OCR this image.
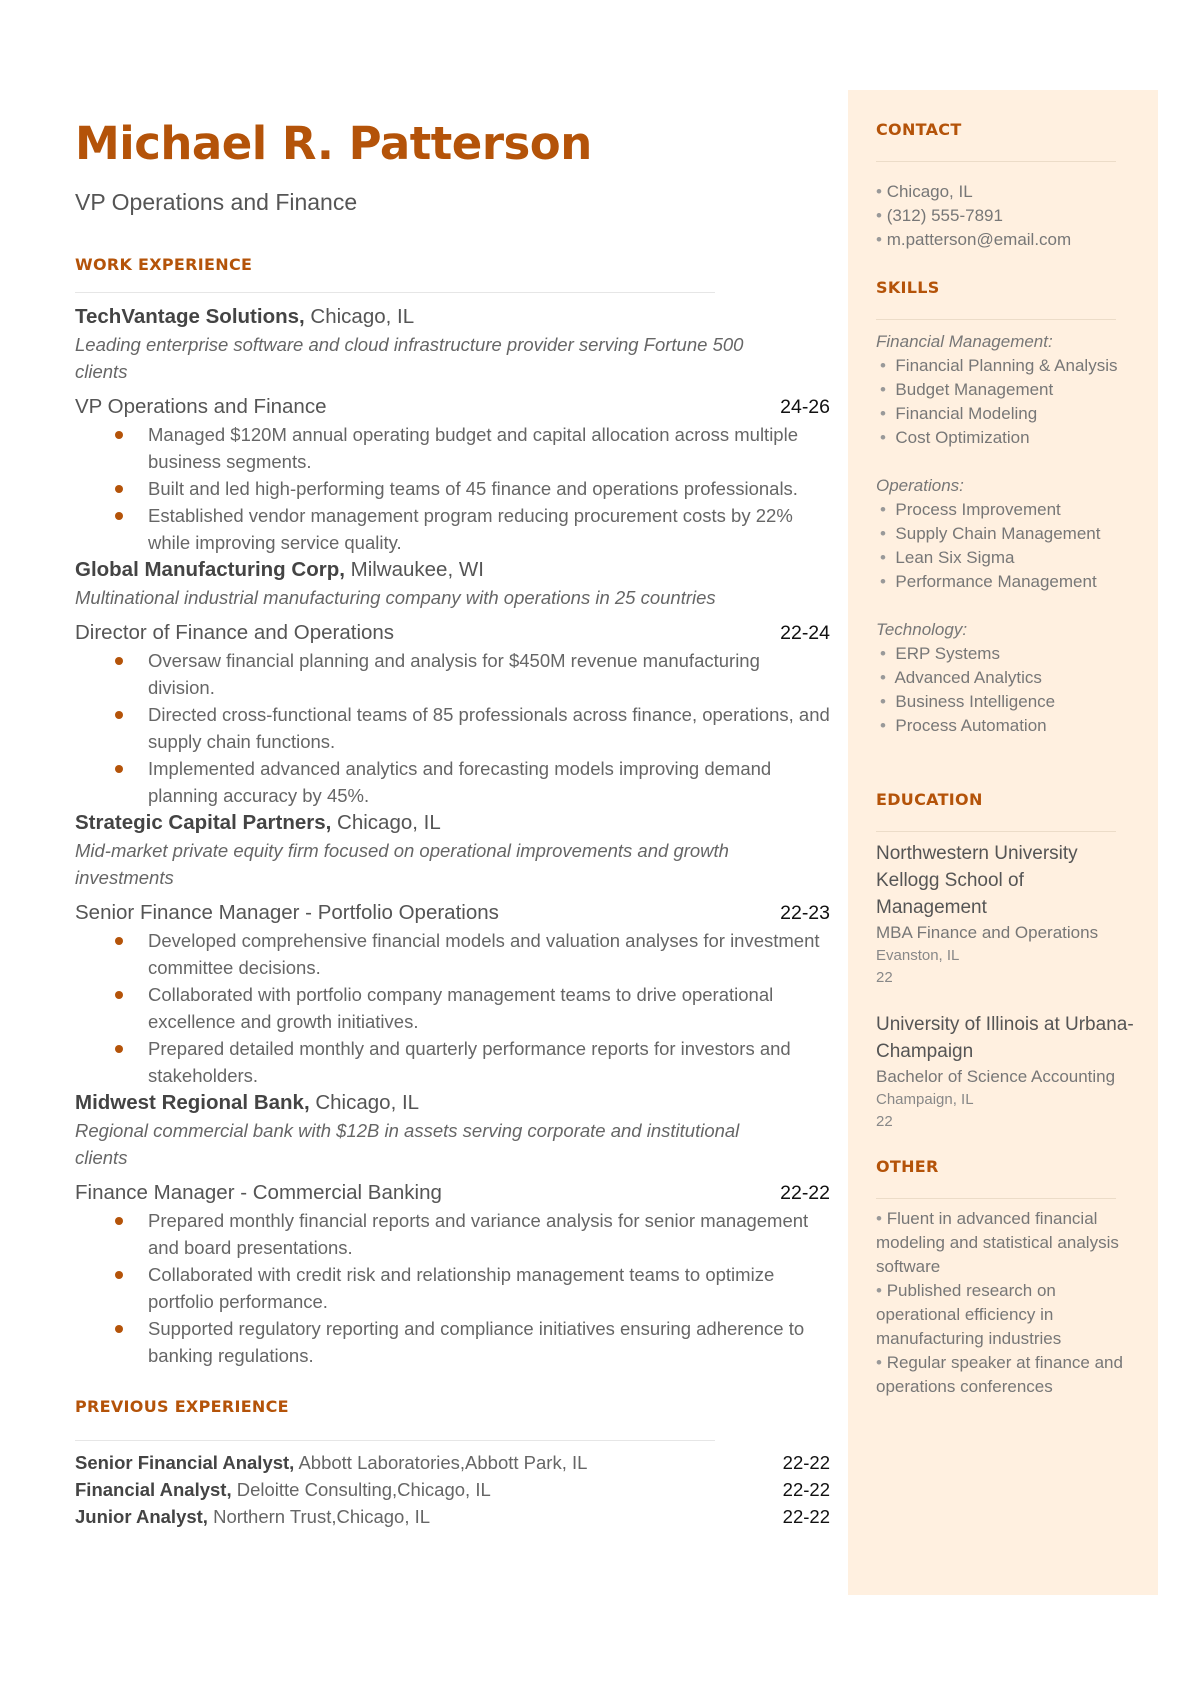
Michael R. Patterson
VP Operations and Finance
WORK EXPERIENCE
TechVantage Solutions, Chicago, IL
Leading enterprise software and cloud infrastructure provider serving Fortune 500 clients
VP Operations and Finance	24-26
Managed $120M annual operating budget and capital allocation across multiple business segments.
Built and led high-performing teams of 45 finance and operations professionals.
Established vendor management program reducing procurement costs by 22% while improving service quality.
Global Manufacturing Corp, Milwaukee, WI
Multinational industrial manufacturing company with operations in 25 countries
Director of Finance and Operations	22-24
Oversaw financial planning and analysis for $450M revenue manufacturing division.
Directed cross-functional teams of 85 professionals across finance, operations, and supply chain functions.
Implemented advanced analytics and forecasting models improving demand planning accuracy by 45%.
Strategic Capital Partners, Chicago, IL
Mid-market private equity firm focused on operational improvements and growth investments
Senior Finance Manager - Portfolio Operations	22-23
Developed comprehensive financial models and valuation analyses for investment committee decisions.
Collaborated with portfolio company management teams to drive operational excellence and growth initiatives.
Prepared detailed monthly and quarterly performance reports for investors and stakeholders.
Midwest Regional Bank, Chicago, IL
Regional commercial bank with $12B in assets serving corporate and institutional clients
Finance Manager - Commercial Banking	22-22
Prepared monthly financial reports and variance analysis for senior management and board presentations.
Collaborated with credit risk and relationship management teams to optimize portfolio performance.
Supported regulatory reporting and compliance initiatives ensuring adherence to banking regulations.
PREVIOUS EXPERIENCE
Senior Financial Analyst, Abbott Laboratories,Abbott Park, IL	22-22
Financial Analyst, Deloitte Consulting,Chicago, IL	22-22
Junior Analyst, Northern Trust,Chicago, IL	22-22
CONTACT
• Chicago, IL
• (312) 555-7891
• m.patterson@email.com
SKILLS
Financial Management:
•  Financial Planning & Analysis
•  Budget Management
•  Financial Modeling
•  Cost Optimization
Operations:
•  Process Improvement
•  Supply Chain Management
•  Lean Six Sigma
•  Performance Management
Technology:
•  ERP Systems
•  Advanced Analytics
•  Business Intelligence
•  Process Automation
EDUCATION
Northwestern University Kellogg School of Management
MBA Finance and Operations
Evanston, IL
22
University of Illinois at Urbana-Champaign
Bachelor of Science Accounting
Champaign, IL
22
OTHER
• Fluent in advanced financial modeling and statistical analysis software
• Published research on operational efficiency in manufacturing industries
• Regular speaker at finance and operations conferences
